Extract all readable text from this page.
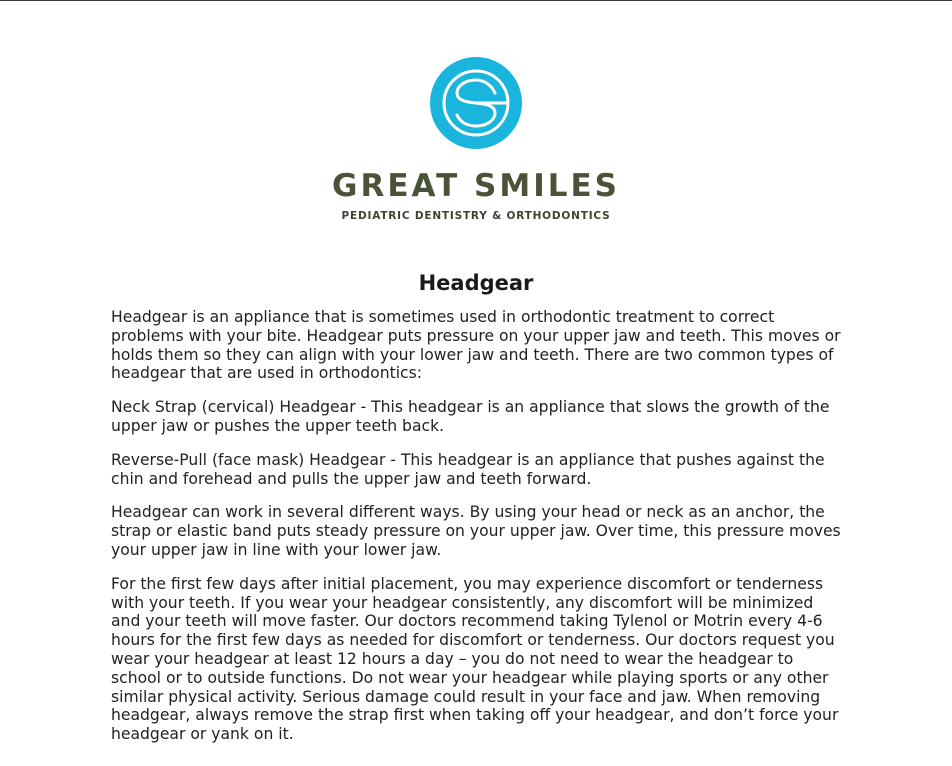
GREAT SMILES
PEDIATRIC DENTISTRY & ORTHODONTICS
Headgear

Headgear is an appliance that is sometimes used in orthodontic treatment to correct problems with your bite. Headgear puts pressure on your upper jaw and teeth. This moves or holds them so they can align with your lower jaw and teeth. There are two common types of headgear that are used in orthodontics:

Neck Strap (cervical) Headgear - This headgear is an appliance that slows the growth of the upper jaw or pushes the upper teeth back.

Reverse-Pull (face mask) Headgear - This headgear is an appliance that pushes against the chin and forehead and pulls the upper jaw and teeth forward.

Headgear can work in several different ways. By using your head or neck as an anchor, the strap or elastic band puts steady pressure on your upper jaw. Over time, this pressure moves your upper jaw in line with your lower jaw.

For the first few days after initial placement, you may experience discomfort or tenderness with your teeth. If you wear your headgear consistently, any discomfort will be minimized and your teeth will move faster. Our doctors recommend taking Tylenol or Motrin every 4-6 hours for the first few days as needed for discomfort or tenderness. Our doctors request you wear your headgear at least 12 hours a day – you do not need to wear the headgear to school or to outside functions. Do not wear your headgear while playing sports or any other similar physical activity. Serious damage could result in your face and jaw. When removing headgear, always remove the strap first when taking off your headgear, and don’t force your headgear or yank on it.
